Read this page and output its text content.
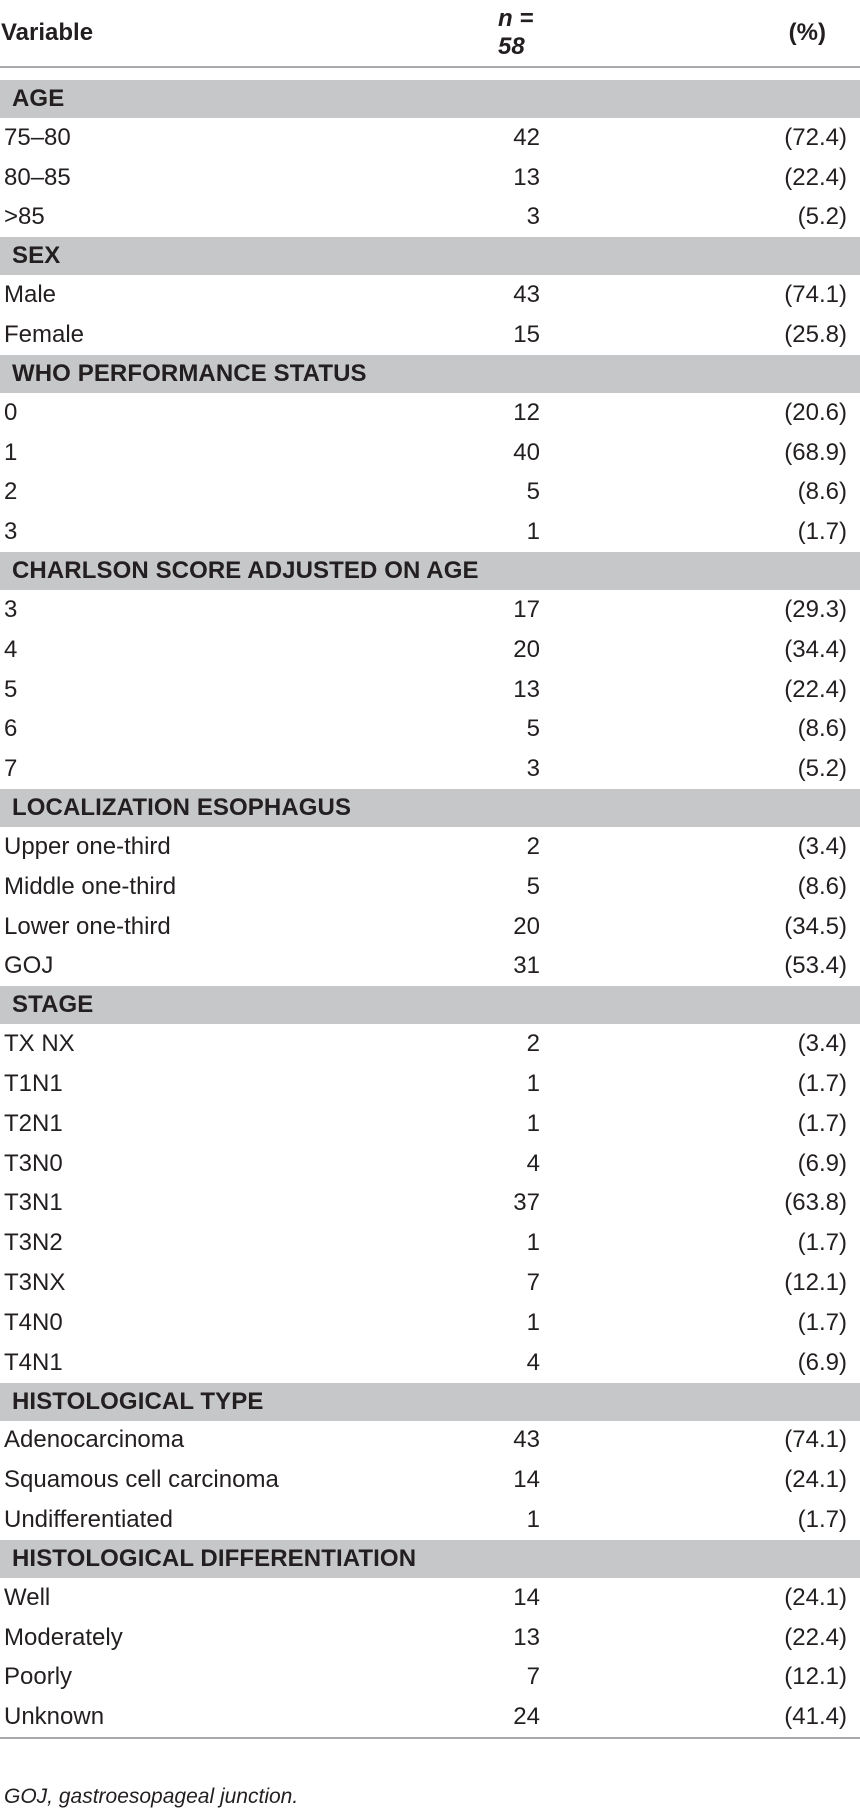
Variable	n = 58	(%)

AGE		
75–80	42	(72.4)
80–85	13	(22.4)
>85	3	(5.2)
SEX		
Male	43	(74.1)
Female	15	(25.8)
WHO PERFORMANCE STATUS		
0	12	(20.6)
1	40	(68.9)
2	5	(8.6)
3	1	(1.7)
CHARLSON SCORE ADJUSTED ON AGE		
3	17	(29.3)
4	20	(34.4)
5	13	(22.4)
6	5	(8.6)
7	3	(5.2)
LOCALIZATION ESOPHAGUS		
Upper one-third	2	(3.4)
Middle one-third	5	(8.6)
Lower one-third	20	(34.5)
GOJ	31	(53.4)
STAGE		
TX NX	2	(3.4)
T1N1	1	(1.7)
T2N1	1	(1.7)
T3N0	4	(6.9)
T3N1	37	(63.8)
T3N2	1	(1.7)
T3NX	7	(12.1)
T4N0	1	(1.7)
T4N1	4	(6.9)
HISTOLOGICAL TYPE		
Adenocarcinoma	43	(74.1)
Squamous cell carcinoma	14	(24.1)
Undifferentiated	1	(1.7)
HISTOLOGICAL DIFFERENTIATION		
Well	14	(24.1)
Moderately	13	(22.4)
Poorly	7	(12.1)
Unknown	24	(41.4)
GOJ, gastroesopageal junction.
